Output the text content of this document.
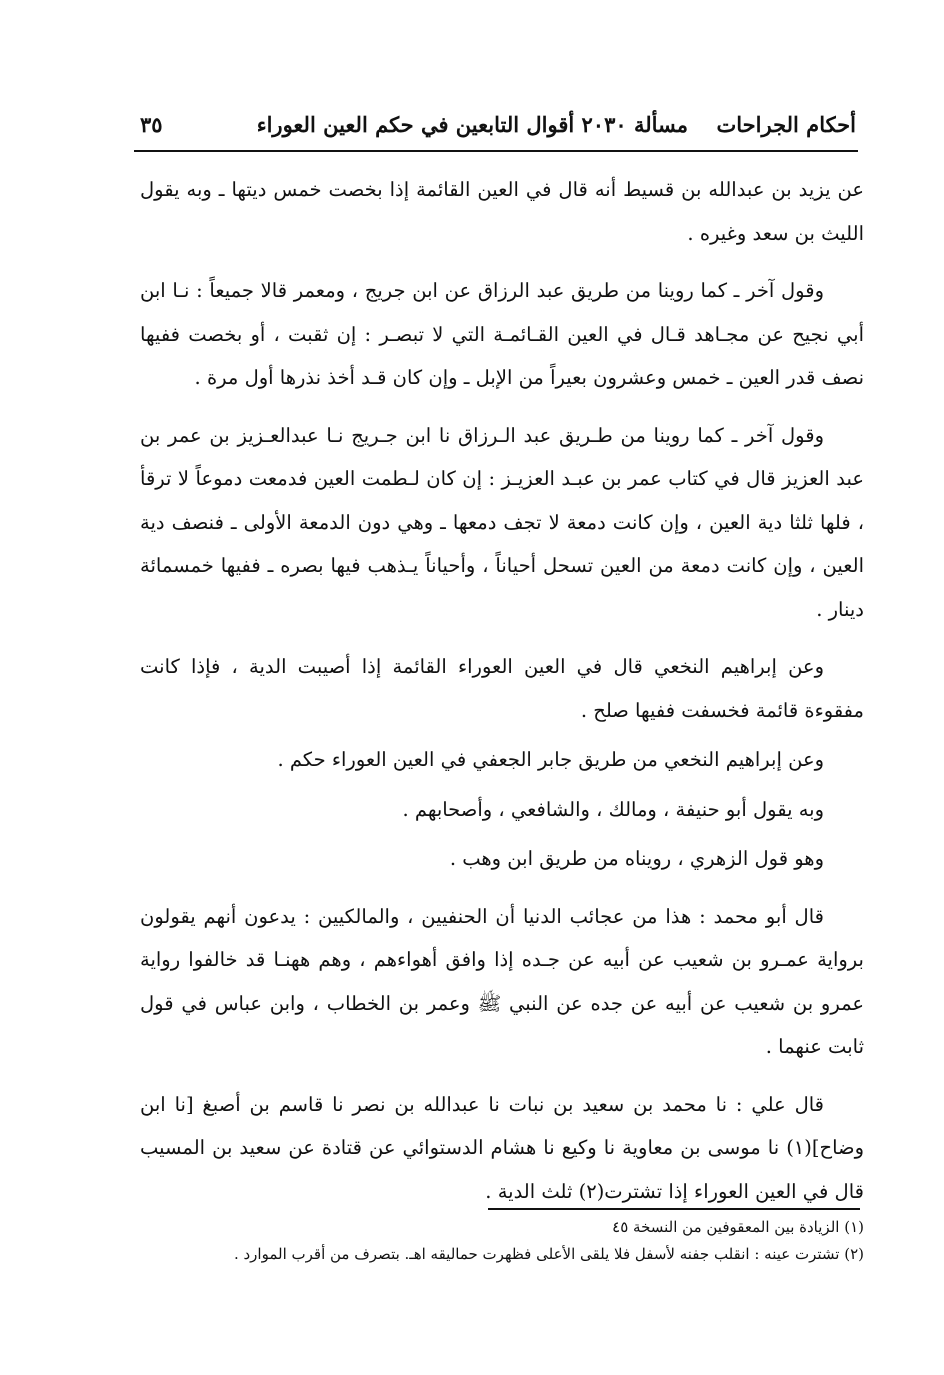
أحكام الجراحات
مسألة ٢٠٣٠ أقوال التابعين في حكم العين العوراء
٣٥

عن يزيد بن عبدالله بن قسيط أنه قال في العين القائمة إذا بخصت خمس ديتها ـ وبه يقول الليث بن سعد وغيره .

وقول آخر ـ كما روينا من طريق عبد الرزاق عن ابن جريج ، ومعمر قالا جميعاً : نـا ابن أبي نجيح عن مجـاهد قـال في العين القـائمـة التي لا تبصـر : إن ثقبت ، أو بخصت ففيها نصف قدر العين ـ خمس وعشرون بعيراً من الإبل ـ وإن كان قـد أخذ نذرها أول مرة .

وقول آخر ـ كما روينا من طـريق عبد الـرزاق نا ابن جـريج نـا عبدالعـزيز بن عمر بن عبد العزيز قال في كتاب عمر بن عبـد العزيـز : إن كان لـطمت العين فدمعت دموعاً لا ترقأ ، فلها ثلثا دية العين ، وإن كانت دمعة لا تجف دمعها ـ وهي دون الدمعة الأولى ـ فنصف دية العين ، وإن كانت دمعة من العين تسحل أحياناً ، وأحياناً يـذهب فيها بصره ـ ففيها خمسمائة دينار .

وعن إبراهيم النخعي قال في العين العوراء القائمة إذا أصيبت الدية ، فإذا كانت مفقوءة قائمة فخسفت ففيها صلح .

وعن إبراهيم النخعي من طريق جابر الجعفي في العين العوراء حكم .

وبه يقول أبو حنيفة ، ومالك ، والشافعي ، وأصحابهم .

وهو قول الزهري ، رويناه من طريق ابن وهب .

قال أبو محمد : هذا من عجائب الدنيا أن الحنفيين ، والمالكيين : يدعون أنهم يقولون برواية عمـرو بن شعيب عن أبيه عن جـده إذا وافق أهواءهم ، وهم ههنـا قد خالفوا رواية عمرو بن شعيب عن أبيه عن جده عن النبي ﷺ وعمر بن الخطاب ، وابن عباس في قول ثابت عنهما .

قال علي : نا محمد بن سعيد بن نبات نا عبدالله بن نصر نا قاسم بن أصبغ [نا ابن وضاح](١) نا موسى بن معاوية نا وكيع نا هشام الدستوائي عن قتادة عن سعيد بن المسيب قال في العين العوراء إذا تشترت(٢) ثلث الدية .

(١) الزيادة بين المعقوفين من النسخة ٤٥
(٢) تشترت عينه : انقلب جفنه لأسفل فلا يلقى الأعلى فظهرت حماليقه اهـ. بتصرف من أقرب الموارد .
